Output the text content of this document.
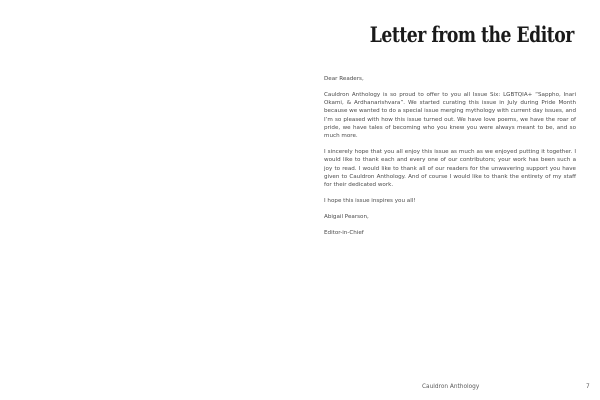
Letter from the Editor

Dear Readers,

Cauldron Anthology is so proud to offer to you all Issue Six: LGBTQIA+ “Sappho, Inari Okami, & Ardhanarishvara”. We started curating this issue in July during Pride Month because we wanted to do a special issue merging mythology with current day issues, and I’m so pleased with how this issue turned out. We have love poems, we have the roar of pride, we have tales of becoming who you knew you were always meant to be, and so much more.

I sincerely hope that you all enjoy this issue as much as we enjoyed putting it together. I would like to thank each and every one of our contributors; your work has been such a joy to read. I would like to thank all of our readers for the unwavering support you have given to Cauldron Anthology. And of course I would like to thank the entirety of my staff for their dedicated work.

I hope this issue inspires you all!

Abigail Pearson,

Editor-in-Chief

Cauldron Anthology	7
